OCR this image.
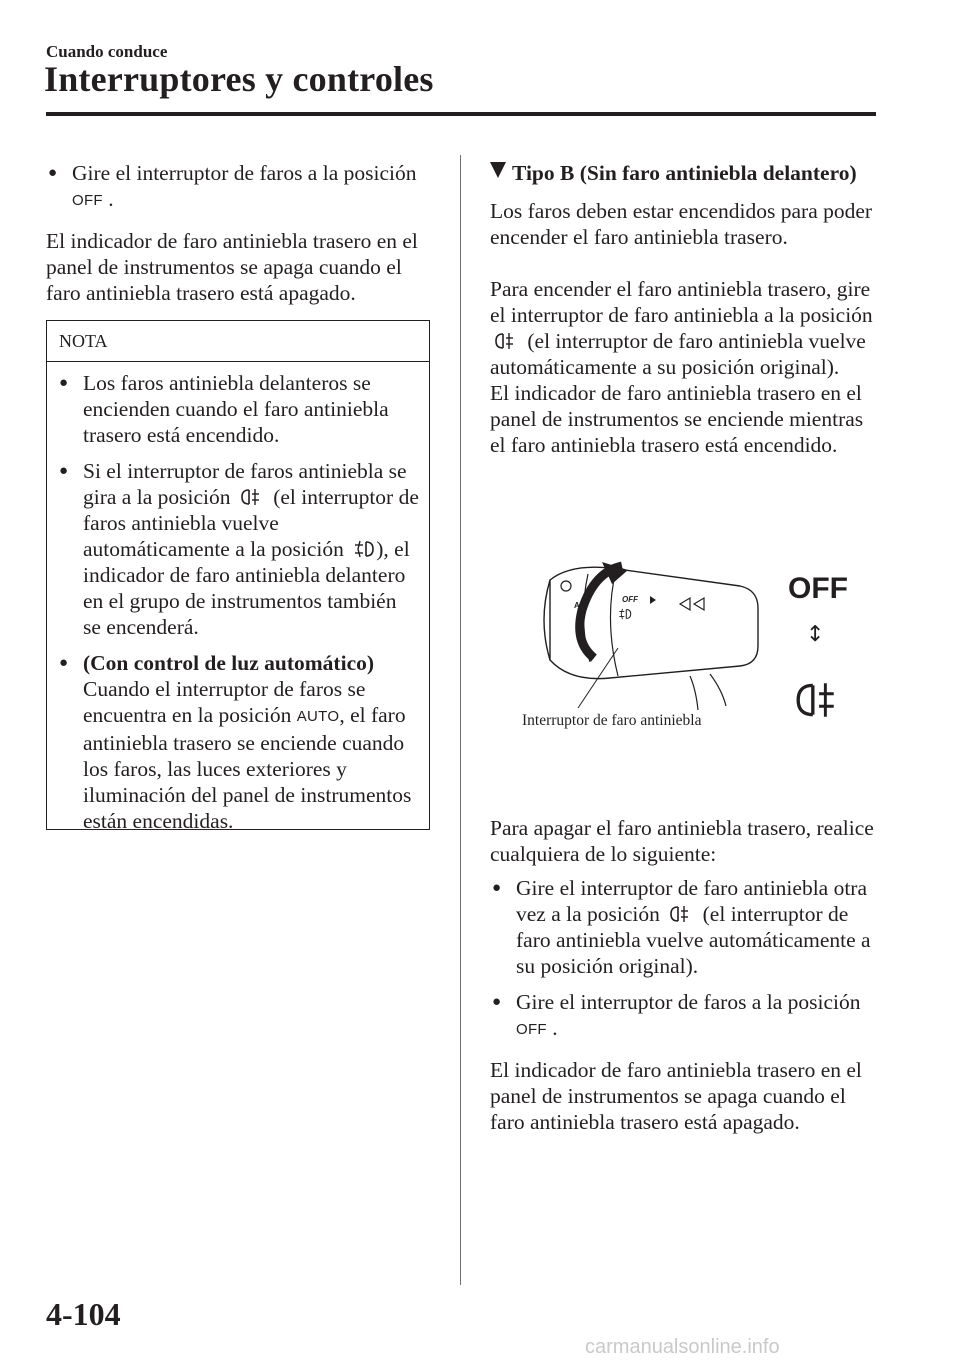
Cuando conduce
Interruptores y controles
● Gire el interruptor de faros a la posición OFF .

El indicador de faro antiniebla trasero en el panel de instrumentos se apaga cuando el faro antiniebla trasero está apagado.

NOTA
● Los faros antiniebla delanteros se encienden cuando el faro antiniebla trasero está encendido.
● Si el interruptor de faros antiniebla se gira a la posición (el interruptor de faros antiniebla vuelve automáticamente a la posición ), el indicador de faro antiniebla delantero en el grupo de instrumentos también se encenderá.
● (Con control de luz automático)
Cuando el interruptor de faros se encuentra en la posición AUTO, el faro antiniebla trasero se enciende cuando los faros, las luces exteriores y iluminación del panel de instrumentos están encendidas.
Tipo B (Sin faro antiniebla delantero)

Los faros deben estar encendidos para poder encender el faro antiniebla trasero.

Para encender el faro antiniebla trasero, gire el interruptor de faro antiniebla a la posición  (el interruptor de faro antiniebla vuelve automáticamente a su posición original).

El indicador de faro antiniebla trasero en el panel de instrumentos se enciende mientras el faro antiniebla trasero está encendido.

A
OFF
Interruptor de faro antiniebla
OFF
↕

Para apagar el faro antiniebla trasero, realice cualquiera de lo siguiente:

● Gire el interruptor de faro antiniebla otra vez a la posición (el interruptor de faro antiniebla vuelve automáticamente a su posición original).
● Gire el interruptor de faros a la posición OFF .

El indicador de faro antiniebla trasero en el panel de instrumentos se apaga cuando el faro antiniebla trasero está apagado.

4-104
carmanualsonline.info
